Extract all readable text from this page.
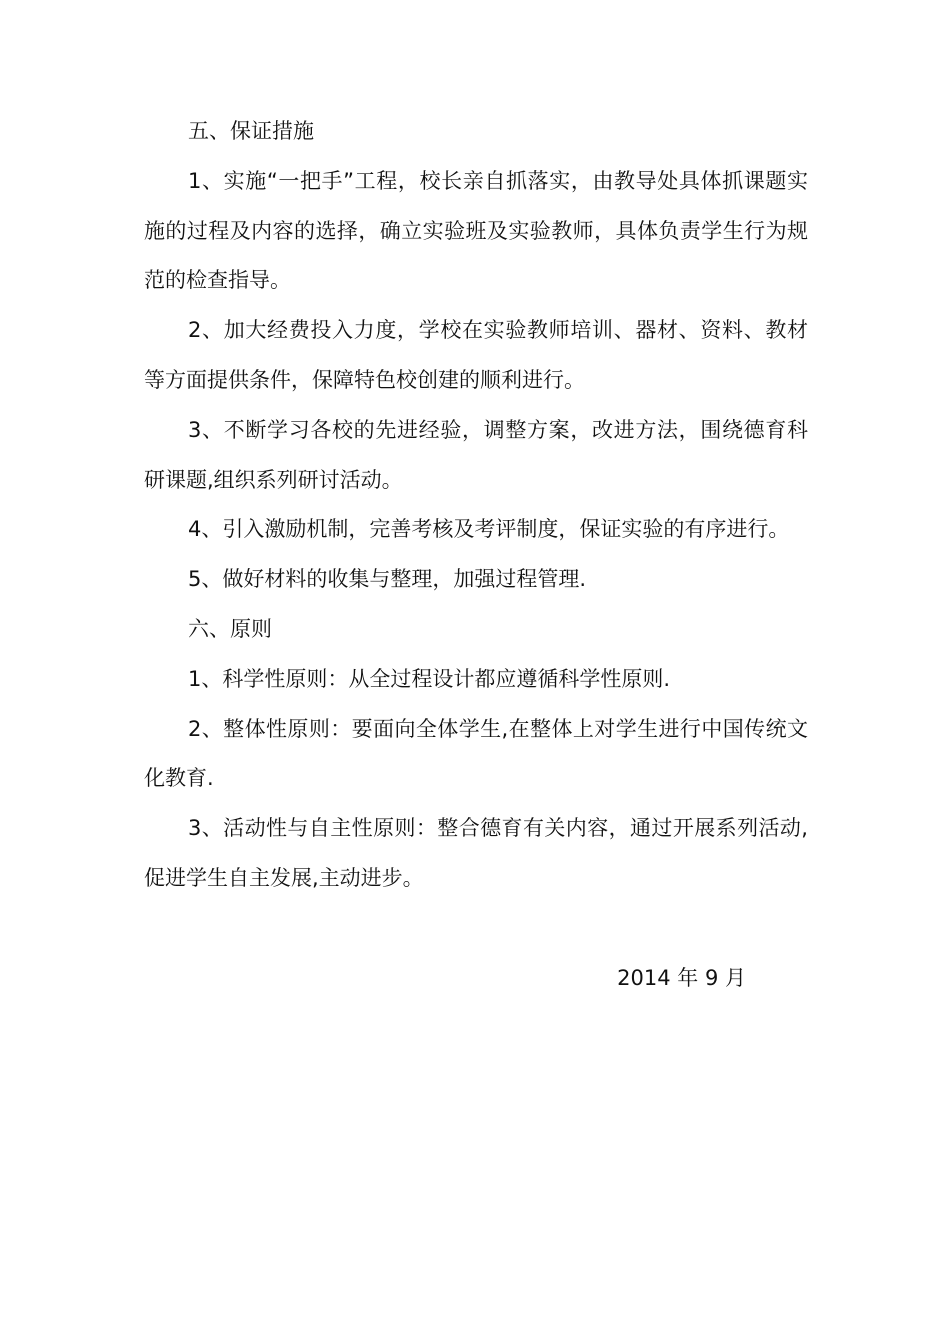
五、保证措施

1、实施“一把手”工程，校长亲自抓落实，由教导处具体抓课题实施的过程及内容的选择，确立实验班及实验教师，具体负责学生行为规范的检查指导。

2、加大经费投入力度，学校在实验教师培训、器材、资料、教材等方面提供条件，保障特色校创建的顺利进行。

3、不断学习各校的先进经验，调整方案，改进方法，围绕德育科研课题,组织系列研讨活动。

4、引入激励机制，完善考核及考评制度，保证实验的有序进行。

5、做好材料的收集与整理，加强过程管理.

六、原则

1、科学性原则：从全过程设计都应遵循科学性原则.

2、整体性原则：要面向全体学生,在整体上对学生进行中国传统文化教育.

3、活动性与自主性原则：整合德育有关内容，通过开展系列活动,促进学生自主发展,主动进步。

2014 年 9 月
